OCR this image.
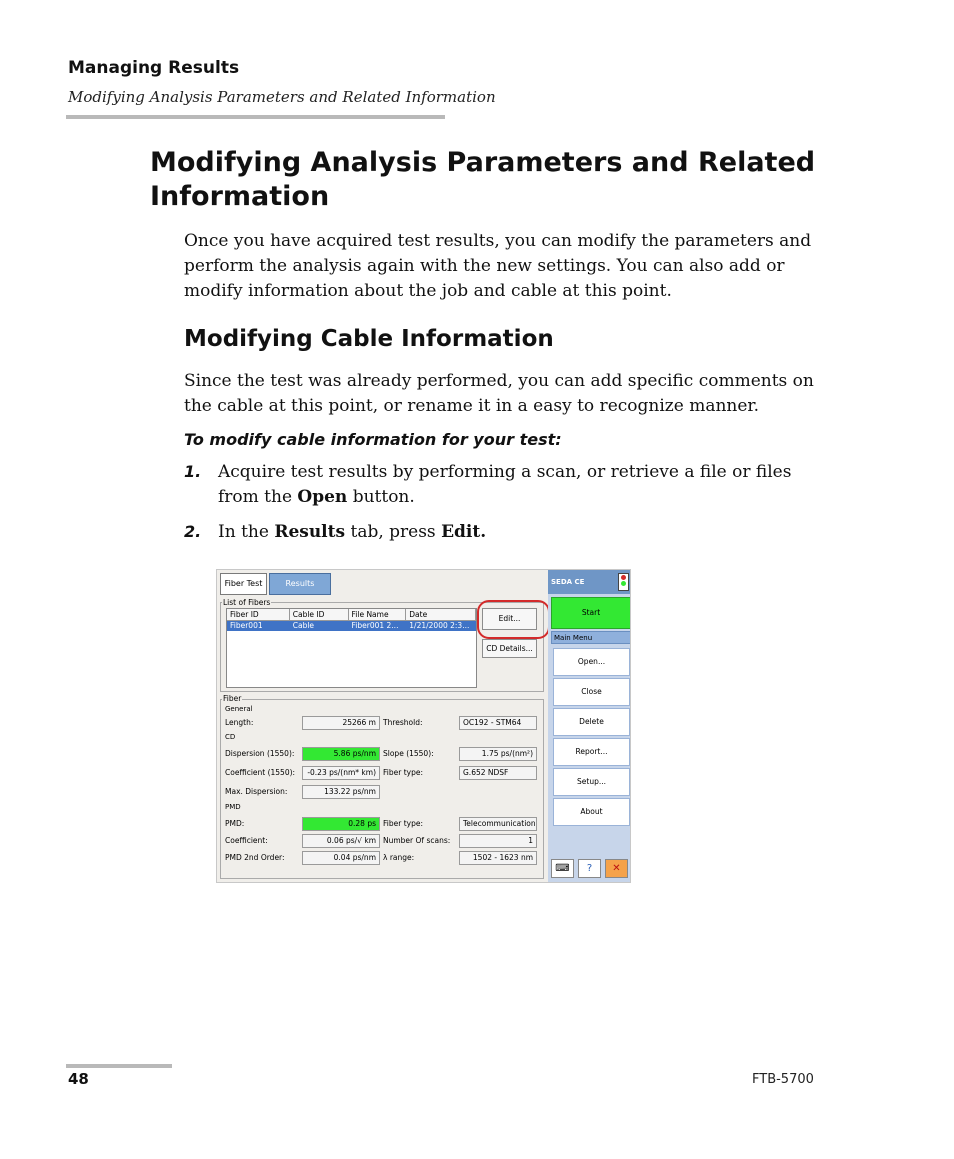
Managing Results
Modifying Analysis Parameters and Related Information
Modifying Analysis Parameters and Related Information
Once you have acquired test results, you can modify the parameters and perform the analysis again with the new settings. You can also add or modify information about the job and cable at this point.
Modifying Cable Information
Since the test was already performed, you can add specific comments on the cable at this point, or rename it in a easy to recognize manner.
To modify cable information for your test:
1. Acquire test results by performing a scan, or retrieve a file or files from the Open button.
2. In the Results tab, press Edit.
Fiber Test	Results
List of Fibers
Fiber ID	Cable ID	File Name	Date
Fiber001	Cable	Fiber001 2...	1/21/2000 2:3...
Edit...
CD Details...
Fiber
General
Length:	25266 m Threshold:	OC192 - STM64
CD
Dispersion (1550):	5.86 ps/nm Slope (1550):	1.75 ps/(nm²)
Coefficient (1550):	-0.23 ps/(nm* km) Fiber type:	G.652 NDSF
Max. Dispersion:	133.22 ps/nm
PMD
PMD:	0.28 ps Fiber type:	Telecommunication
Coefficient:	0.06 ps/√ km Number Of scans:	1
PMD 2nd Order:	0.04 ps/nm λ range:	1502 - 1623 nm
SEDA CE
Start
Main Menu
Open...
Close
Delete
Report...
Setup...
About
⌨	?	✕
48	FTB-5700
